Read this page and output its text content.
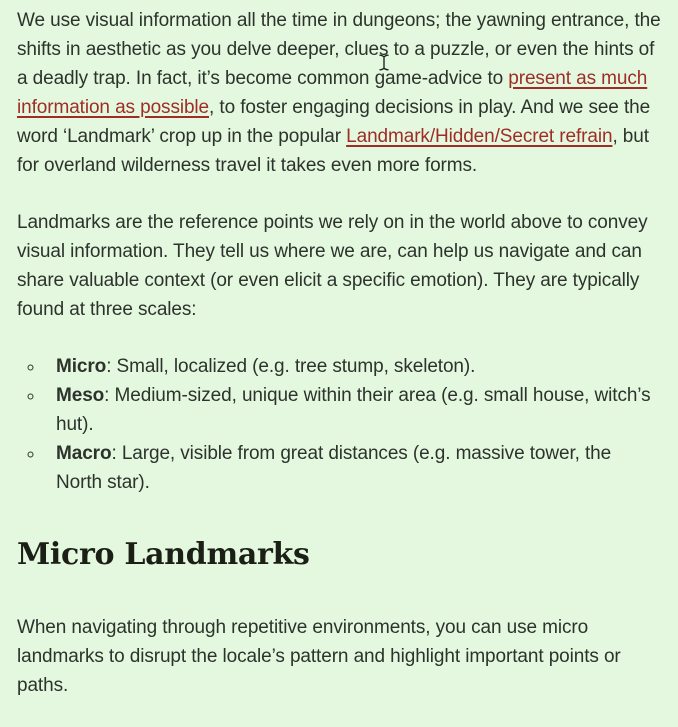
We use visual information all the time in dungeons; the yawning entrance, the shifts in aesthetic as you delve deeper, clues to a puzzle, or even the hints of a deadly trap. In fact, it’s become common game-advice to present as much information as possible, to foster engaging decisions in play. And we see the word ‘Landmark’ crop up in the popular Landmark/Hidden/Secret refrain, but for overland wilderness travel it takes even more forms.

Landmarks are the reference points we rely on in the world above to convey visual information. They tell us where we are, can help us navigate and can share valuable context (or even elicit a specific emotion). They are typically found at three scales:

◦ Micro: Small, localized (e.g. tree stump, skeleton).
◦ Meso: Medium-sized, unique within their area (e.g. small house, witch’s hut).
◦ Macro: Large, visible from great distances (e.g. massive tower, the North star).
Micro Landmarks

When navigating through repetitive environments, you can use micro landmarks to disrupt the locale’s pattern and highlight important points or paths.
